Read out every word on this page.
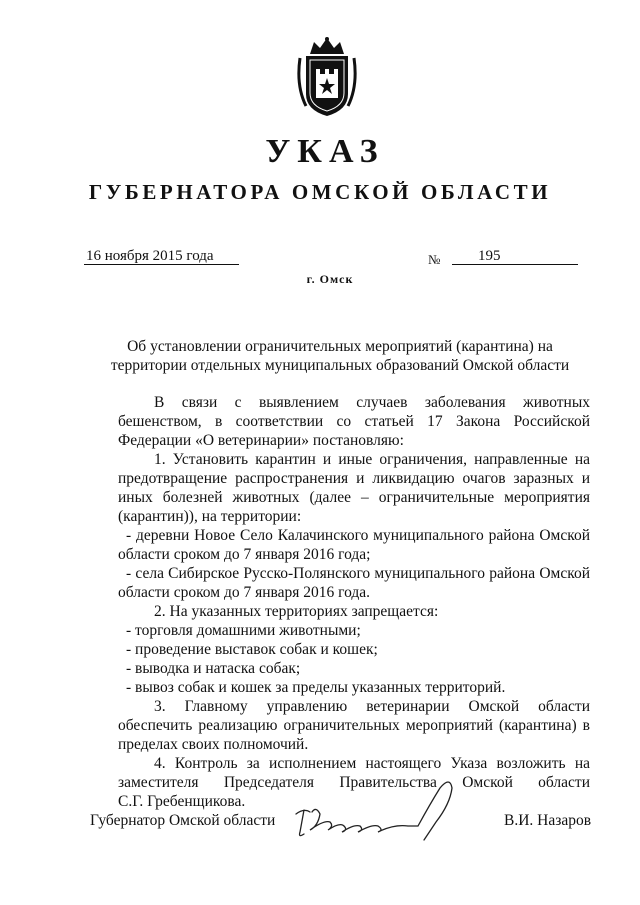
УКАЗ
ГУБЕРНАТОРА ОМСКОЙ ОБЛАСТИ
16 ноября 2015 года	№	195
г. Омск
Об установлении ограничительных мероприятий (карантина) на территории отдельных муниципальных образований Омской области

В связи с выявлением случаев заболевания животных бешенством, в соответствии со статьей 17 Закона Российской Федерации «О ветеринарии» постановляю:

1. Установить карантин и иные ограничения, направленные на предотвращение распространения и ликвидацию очагов заразных и иных болезней животных (далее – ограничительные мероприятия (карантин)), на территории:

- деревни Новое Село Калачинского муниципального района Омской области сроком до 7 января 2016 года;

- села Сибирское Русско-Полянского муниципального района Омской области сроком до 7 января 2016 года.

2. На указанных территориях запрещается:

- торговля домашними животными;

- проведение выставок собак и кошек;

- выводка и натаска собак;

- вывоз собак и кошек за пределы указанных территорий.

3. Главному управлению ветеринарии Омской области обеспечить реализацию ограничительных мероприятий (карантина) в пределах своих полномочий.

4. Контроль за исполнением настоящего Указа возложить на заместителя Председателя Правительства Омской области

С.Г. Гребенщикова.

Губернатор Омской области	В.И. Назаров
